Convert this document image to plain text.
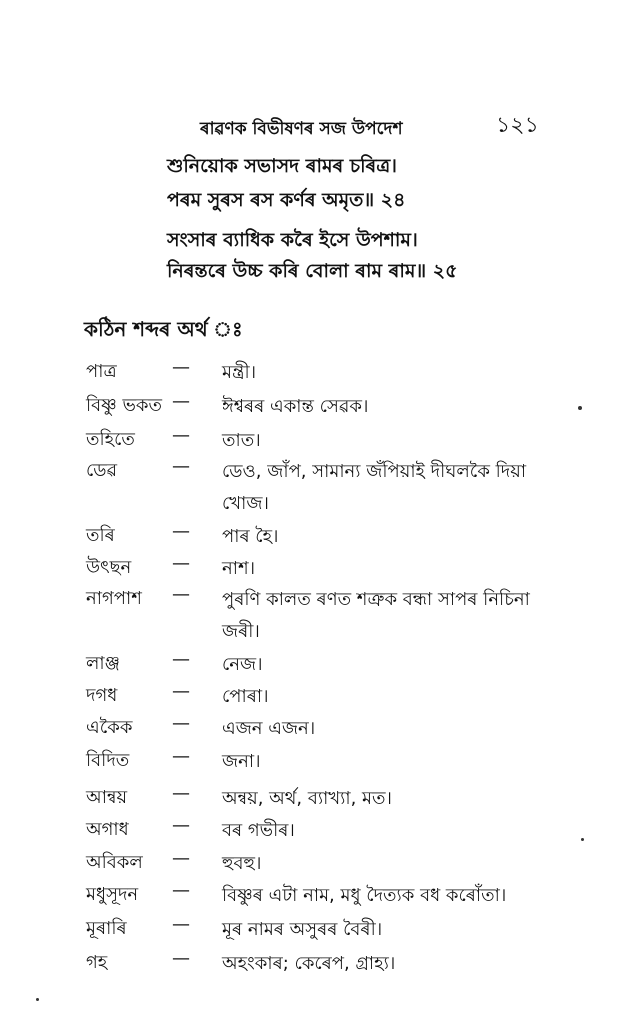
ৰাৱণক বিভীষণৰ সজ উপদেশ	১২১
শুনিয়োক সভাসদ ৰামৰ চৰিত্ৰ।
পৰম সুৰস ৰস কৰ্ণৰ অমৃত॥ ২৪
সংসাৰ ব্যাধিক কৰৈ ইসে উপশাম।
নিৰন্তৰে উচ্চ কৰি বোলা ৰাম ৰাম॥ ২৫
কঠিন শব্দৰ অৰ্থ ঃ
পাত্ৰ	— মন্ত্ৰী।
বিষ্ণু ভকত — ঈশ্বৰৰ একান্ত সেৱক।
তহিতে — তাত।
ডেৱ	— ডেও, জাঁপ, সামান্য জঁপিয়াই দীঘলকৈ দিয়া খোজ।
তৰি	— পাৰ হৈ।
উৎছন — নাশ।
নাগপাশ — পুৰণি কালত ৰণত শত্ৰুক বন্ধা সাপৰ নিচিনা জৰী।
লাঞ্জ	— নেজ।
দগধ	— পোৰা।
একৈক — এজন এজন।
বিদিত — জনা।
আন্বয় — অন্বয়, অৰ্থ, ব্যাখ্যা, মত।
অগাধ — বৰ গভীৰ।
অবিকল — হুবহু।
মধুসূদন — বিষ্ণুৰ এটা নাম, মধু দৈত্যক বধ কৰোঁতা।
মূৰাৰি	— মূৰ নামৰ অসুৰৰ বৈৰী।
গহ	— অহংকাৰ; কেৰেপ, গ্ৰাহ্য।
